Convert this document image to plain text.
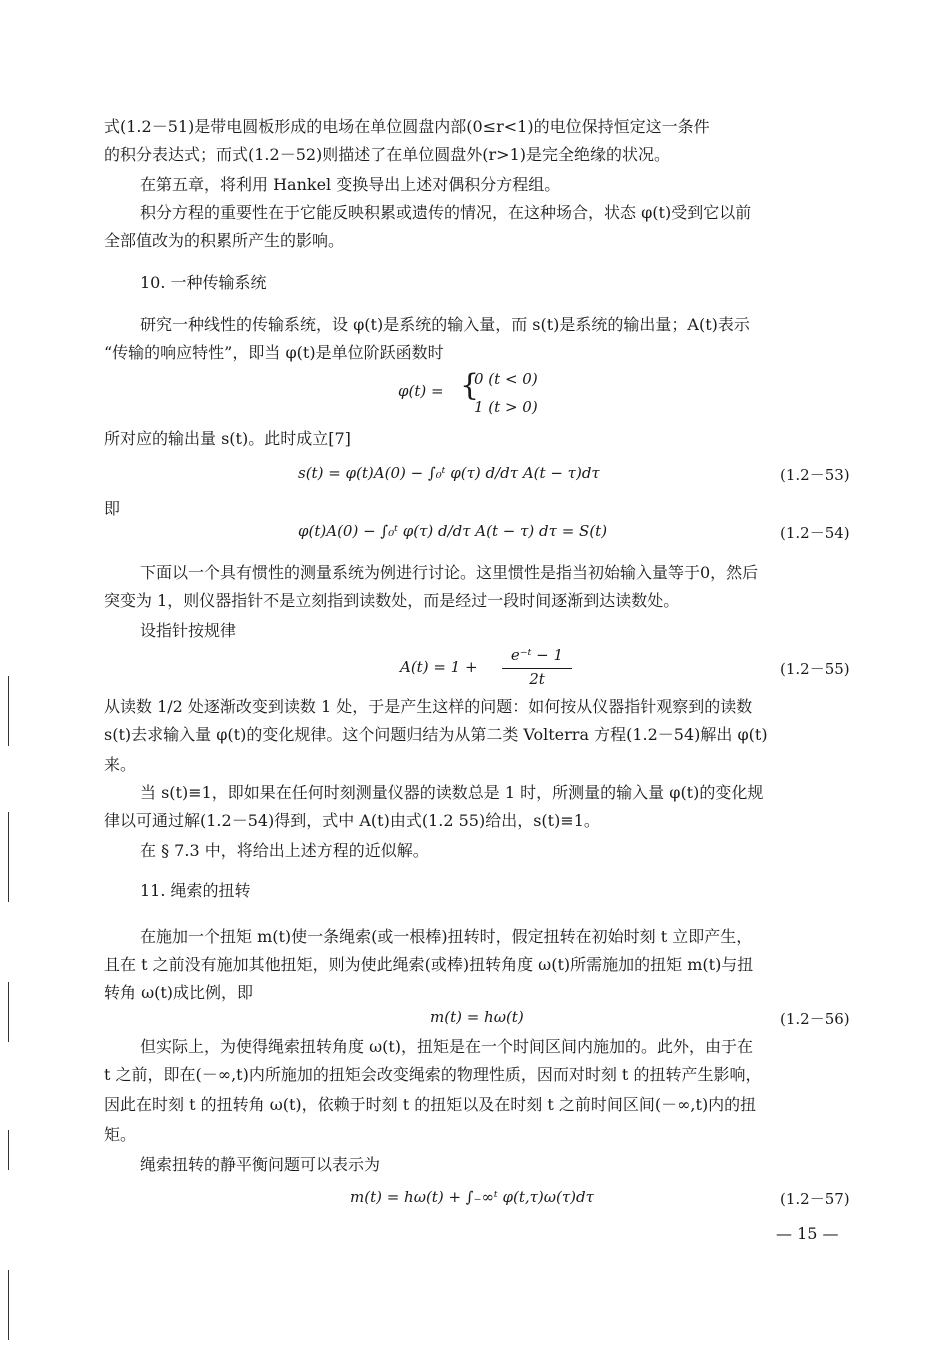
式(1.2－51)是带电圆板形成的电场在单位圆盘内部(0≤r<1)的电位保持恒定这一条件
的积分表达式；而式(1.2－52)则描述了在单位圆盘外(r>1)是完全绝缘的状况。
在第五章，将利用 Hankel 变换导出上述对偶积分方程组。
积分方程的重要性在于它能反映积累或遗传的情况，在这种场合，状态 φ(t)受到它以前
全部值改为的积累所产生的影响。
10. 一种传输系统
研究一种线性的传输系统，设 φ(t)是系统的输入量，而 s(t)是系统的输出量；A(t)表示
“传输的响应特性”，即当 φ(t)是单位阶跃函数时
φ(t) = {
0 (t < 0)
1 (t > 0)
所对应的输出量 s(t)。此时成立[7]
s(t) = φ(t)A(0) − ∫₀ᵗ φ(τ) d/dτ A(t − τ)dτ	(1.2－53)
即
φ(t)A(0) − ∫₀ᵗ φ(τ) d/dτ A(t − τ) dτ = S(t)	(1.2－54)
下面以一个具有惯性的测量系统为例进行讨论。这里惯性是指当初始输入量等于0，然后
突变为 1，则仪器指针不是立刻指到读数处，而是经过一段时间逐渐到达读数处。
设指针按规律
A(t) = 1 +
e⁻ᵗ − 1
2t
(1.2－55)
从读数 1/2 处逐渐改变到读数 1 处，于是产生这样的问题：如何按从仪器指针观察到的读数
s(t)去求输入量 φ(t)的变化规律。这个问题归结为从第二类 Volterra 方程(1.2－54)解出 φ(t)
来。
当 s(t)≡1，即如果在任何时刻测量仪器的读数总是 1 时，所测量的输入量 φ(t)的变化规
律以可通过解(1.2－54)得到，式中 A(t)由式(1.2 55)给出，s(t)≡1。
在 § 7.3 中，将给出上述方程的近似解。
11. 绳索的扭转
在施加一个扭矩 m(t)使一条绳索(或一根棒)扭转时，假定扭转在初始时刻 t 立即产生，
且在 t 之前没有施加其他扭矩，则为使此绳索(或棒)扭转角度 ω(t)所需施加的扭矩 m(t)与扭
转角 ω(t)成比例，即
m(t) = hω(t)	(1.2－56)
但实际上，为使得绳索扭转角度 ω(t)，扭矩是在一个时间区间内施加的。此外，由于在
t 之前，即在(－∞,t)内所施加的扭矩会改变绳索的物理性质，因而对时刻 t 的扭转产生影响，
因此在时刻 t 的扭转角 ω(t)，依赖于时刻 t 的扭矩以及在时刻 t 之前时间区间(－∞,t)内的扭
矩。
绳索扭转的静平衡问题可以表示为
m(t) = hω(t) + ∫₋∞ᵗ φ(t,τ)ω(τ)dτ	(1.2－57)
— 15 —
